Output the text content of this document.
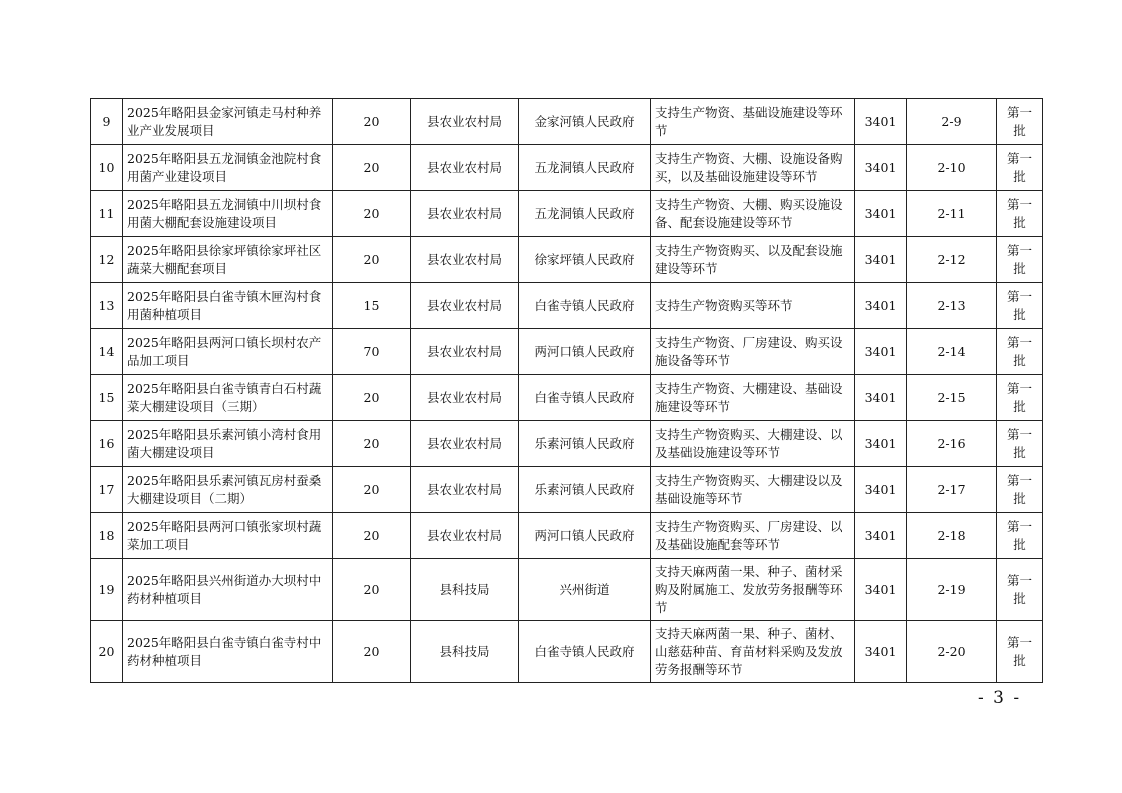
9	2025年略阳县金家河镇走马村种养业产业发展项目	20	县农业农村局	金家河镇人民政府	支持生产物资、基础设施建设等环节	3401	2-9	第一批
10	2025年略阳县五龙洞镇金池院村食用菌产业建设项目	20	县农业农村局	五龙洞镇人民政府	支持生产物资、大棚、设施设备购买，以及基础设施建设等环节	3401	2-10	第一批
11	2025年略阳县五龙洞镇中川坝村食用菌大棚配套设施建设项目	20	县农业农村局	五龙洞镇人民政府	支持生产物资、大棚、购买设施设备、配套设施建设等环节	3401	2-11	第一批
12	2025年略阳县徐家坪镇徐家坪社区蔬菜大棚配套项目	20	县农业农村局	徐家坪镇人民政府	支持生产物资购买、以及配套设施建设等环节	3401	2-12	第一批
13	2025年略阳县白雀寺镇木匣沟村食用菌种植项目	15	县农业农村局	白雀寺镇人民政府	支持生产物资购买等环节	3401	2-13	第一批
14	2025年略阳县两河口镇长坝村农产品加工项目	70	县农业农村局	两河口镇人民政府	支持生产物资、厂房建设、购买设施设备等环节	3401	2-14	第一批
15	2025年略阳县白雀寺镇青白石村蔬菜大棚建设项目（三期）	20	县农业农村局	白雀寺镇人民政府	支持生产物资、大棚建设、基础设施建设等环节	3401	2-15	第一批
16	2025年略阳县乐素河镇小湾村食用菌大棚建设项目	20	县农业农村局	乐素河镇人民政府	支持生产物资购买、大棚建设、以及基础设施建设等环节	3401	2-16	第一批
17	2025年略阳县乐素河镇瓦房村蚕桑大棚建设项目（二期）	20	县农业农村局	乐素河镇人民政府	支持生产物资购买、大棚建设以及基础设施等环节	3401	2-17	第一批
18	2025年略阳县两河口镇张家坝村蔬菜加工项目	20	县农业农村局	两河口镇人民政府	支持生产物资购买、厂房建设、以及基础设施配套等环节	3401	2-18	第一批
19	2025年略阳县兴州街道办大坝村中药材种植项目	20	县科技局	兴州街道	支持天麻两菌一果、种子、菌材采购及附属施工、发放劳务报酬等环节	3401	2-19	第一批
20	2025年略阳县白雀寺镇白雀寺村中药材种植项目	20	县科技局	白雀寺镇人民政府	支持天麻两菌一果、种子、菌材、山慈菇种苗、育苗材料采购及发放劳务报酬等环节	3401	2-20	第一批
- 3 -
